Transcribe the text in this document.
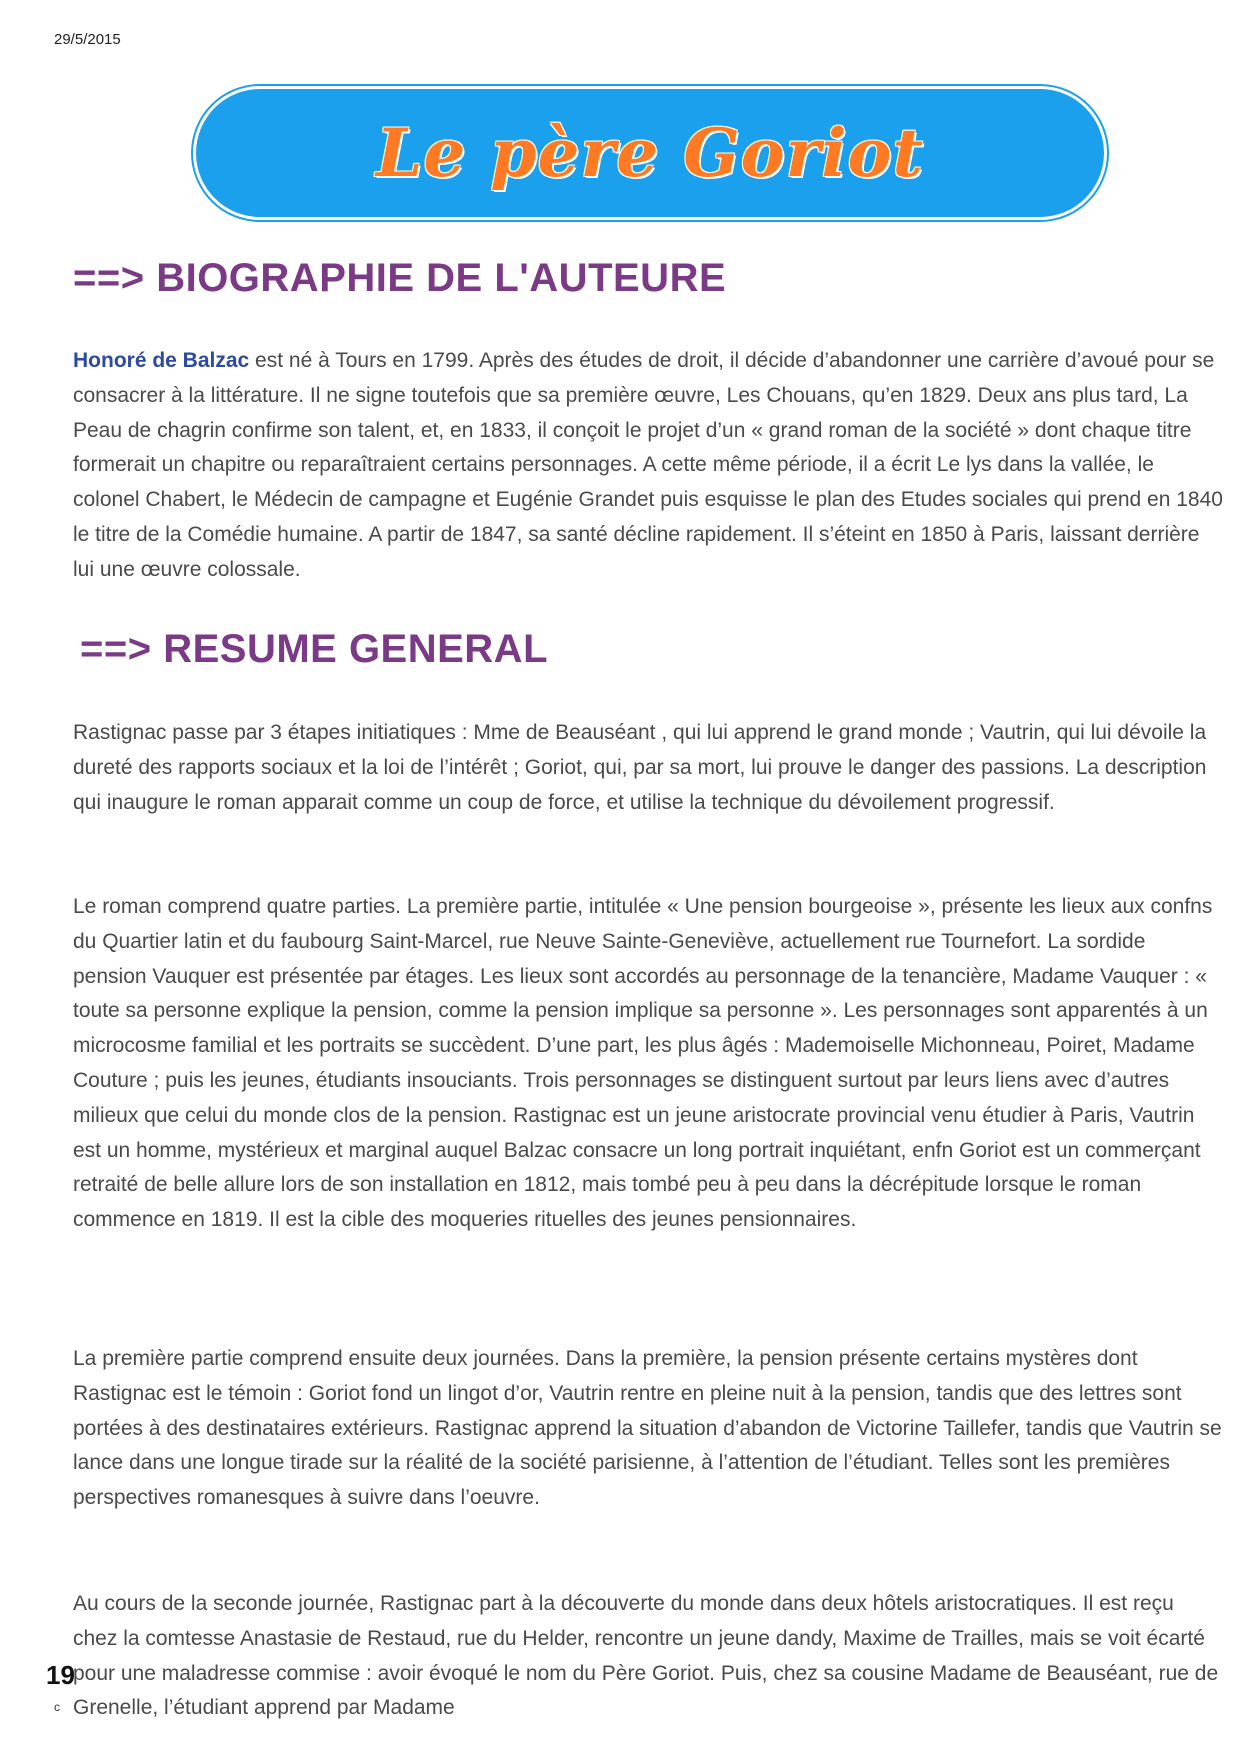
29/5/2015
Le père Goriot
==> BIOGRAPHIE DE L'AUTEURE

Honoré de Balzac est né à Tours en 1799. Après des études de droit, il décide d’abandonner une carrière d’avoué pour se consacrer à la littérature. Il ne signe toutefois que sa première œuvre, Les Chouans, qu’en 1829. Deux ans plus tard, La Peau de chagrin confirme son talent, et, en 1833, il conçoit le projet d’un « grand roman de la société » dont chaque titre formerait un chapitre ou reparaîtraient certains personnages. A cette même période, il a écrit Le lys dans la vallée, le colonel Chabert, le Médecin de campagne et Eugénie Grandet puis esquisse le plan des Etudes sociales qui prend en 1840 le titre de la Comédie humaine. A partir de 1847, sa santé décline rapidement. Il s’éteint en 1850 à Paris, laissant derrière lui une œuvre colossale.

==> RESUME GENERAL

Rastignac passe par 3 étapes initiatiques : Mme de Beauséant , qui lui apprend le grand monde ; Vautrin, qui lui dévoile la dureté des rapports sociaux et la loi de l’intérêt ; Goriot, qui, par sa mort, lui prouve le danger des passions. La description qui inaugure le roman apparait comme un coup de force, et utilise la technique du dévoilement progressif.

Le roman comprend quatre parties. La première partie, intitulée « Une pension bourgeoise », présente les lieux aux confns du Quartier latin et du faubourg Saint-Marcel, rue Neuve Sainte-Geneviève, actuellement rue Tournefort. La sordide pension Vauquer est présentée par étages. Les lieux sont accordés au personnage de la tenancière, Madame Vauquer : « toute sa personne explique la pension, comme la pension implique sa personne ». Les personnages sont apparentés à un microcosme familial et les portraits se succèdent. D’une part, les plus âgés : Mademoiselle Michonneau, Poiret, Madame Couture ; puis les jeunes, étudiants insouciants. Trois personnages se distinguent surtout par leurs liens avec d’autres milieux que celui du monde clos de la pension. Rastignac est un jeune aristocrate provincial venu étudier à Paris, Vautrin est un homme, mystérieux et marginal auquel Balzac consacre un long portrait inquiétant, enfn Goriot est un commerçant retraité de belle allure lors de son installation en 1812, mais tombé peu à peu dans la décrépitude lorsque le roman commence en 1819. Il est la cible des moqueries rituelles des jeunes pensionnaires.

La première partie comprend ensuite deux journées. Dans la première, la pension présente certains mystères dont Rastignac est le témoin : Goriot fond un lingot d’or, Vautrin rentre en pleine nuit à la pension, tandis que des lettres sont portées à des destinataires extérieurs. Rastignac apprend la situation d’abandon de Victorine Taillefer, tandis que Vautrin se lance dans une longue tirade sur la réalité de la société parisienne, à l’attention de l’étudiant. Telles sont les premières perspectives romanesques à suivre dans l’oeuvre.

Au cours de la seconde journée, Rastignac part à la découverte du monde dans deux hôtels aristocratiques. Il est reçu chez la comtesse Anastasie de Restaud, rue du Helder, rencontre un jeune dandy, Maxime de Trailles, mais se voit écarté pour une maladresse commise : avoir évoqué le nom du Père Goriot. Puis, chez sa cousine Madame de Beauséant, rue de Grenelle, l’étudiant apprend par Madame

19
c
